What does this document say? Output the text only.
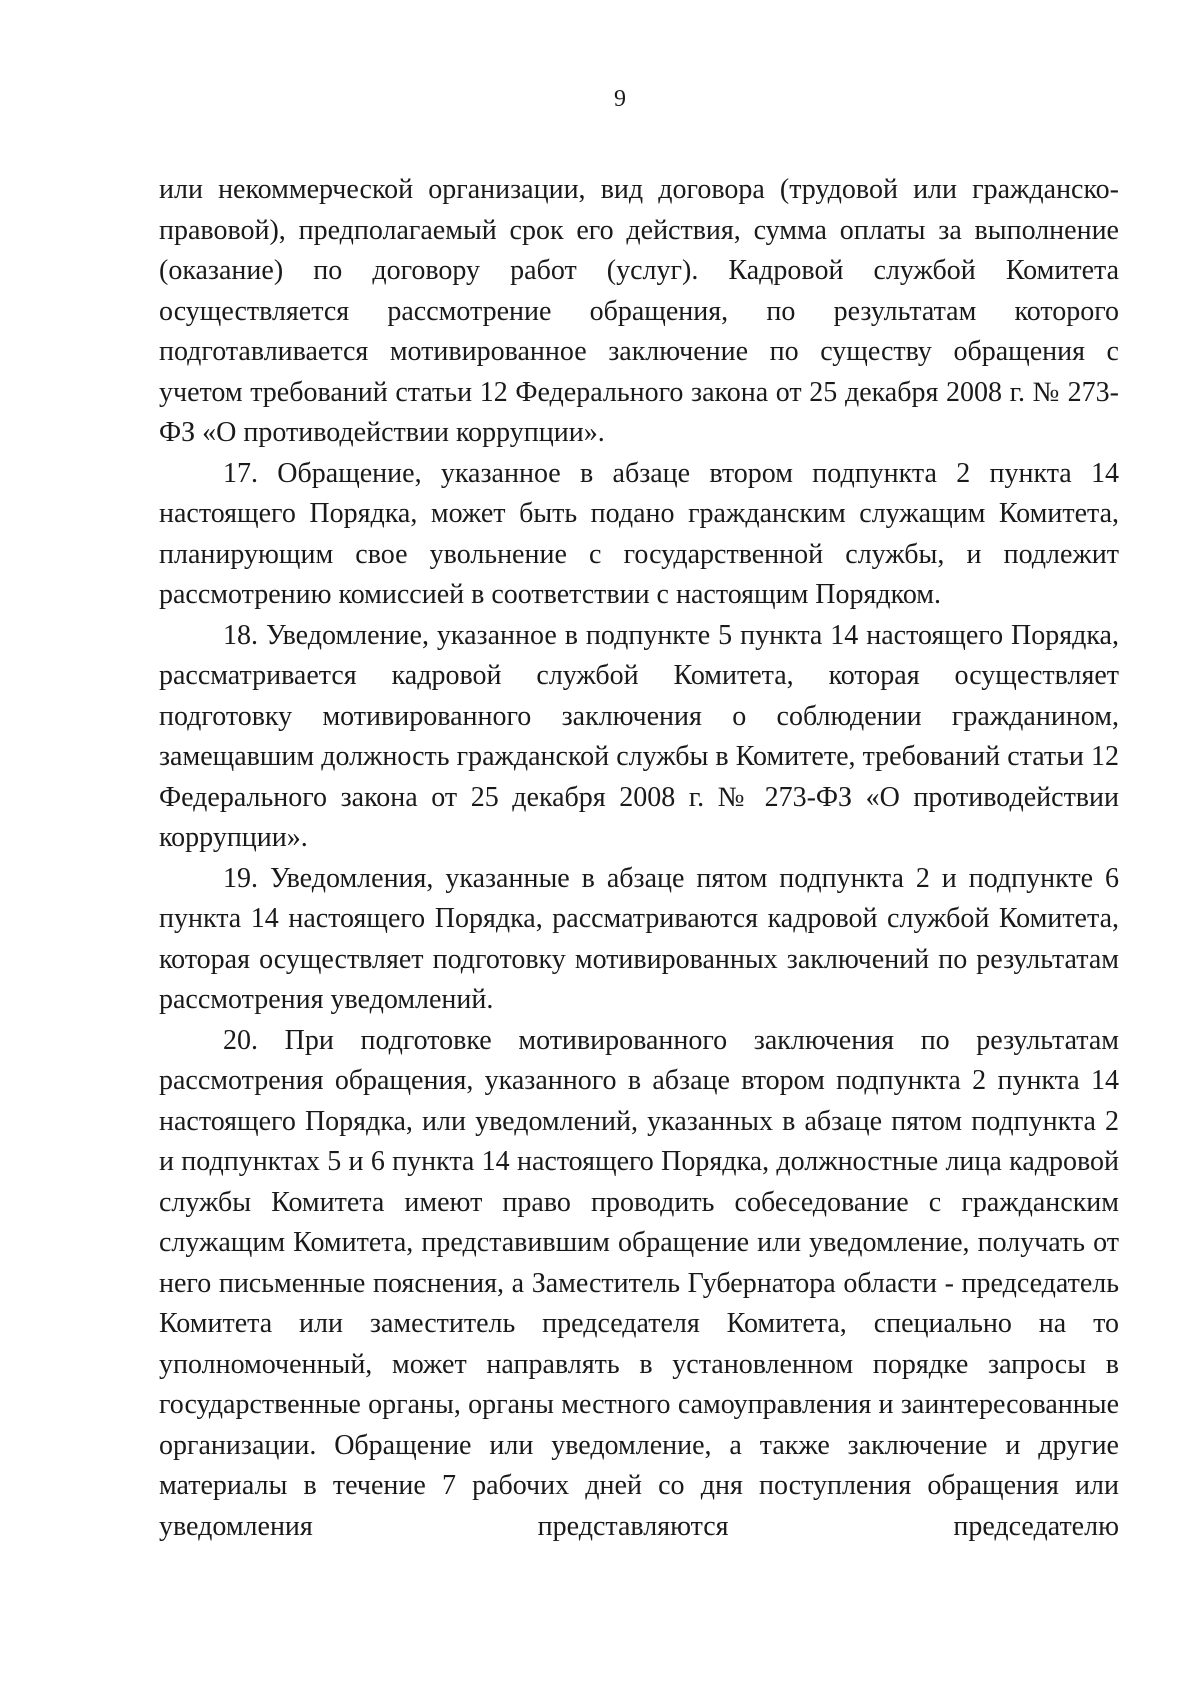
9

или некоммерческой организации, вид договора (трудовой или гражданско-правовой), предполагаемый срок его действия, сумма оплаты за выполнение (оказание) по договору работ (услуг). Кадровой службой Комитета осуществляется рассмотрение обращения, по результатам которого подготавливается мотивированное заключение по существу обращения с учетом требований статьи 12 Федерального закона от 25 декабря 2008 г. № 273-ФЗ «О противодействии коррупции».

17. Обращение, указанное в абзаце втором подпункта 2 пункта 14 настоящего Порядка, может быть подано гражданским служащим Комитета, планирующим свое увольнение с государственной службы, и подлежит рассмотрению комиссией в соответствии с настоящим Порядком.

18. Уведомление, указанное в подпункте 5 пункта 14 настоящего Порядка, рассматривается кадровой службой Комитета, которая осуществляет подготовку мотивированного заключения о соблюдении гражданином, замещавшим должность гражданской службы в Комитете, требований статьи 12 Федерального закона от 25 декабря 2008 г. № 273-ФЗ «О противодействии коррупции».

19. Уведомления, указанные в абзаце пятом подпункта 2 и подпункте 6 пункта 14 настоящего Порядка, рассматриваются кадровой службой Комитета, которая осуществляет подготовку мотивированных заключений по результатам рассмотрения уведомлений.

20. При подготовке мотивированного заключения по результатам рассмотрения обращения, указанного в абзаце втором подпункта 2 пункта 14 настоящего Порядка, или уведомлений, указанных в абзаце пятом подпункта 2 и подпунктах 5 и 6 пункта 14 настоящего Порядка, должностные лица кадровой службы Комитета имеют право проводить собеседование с гражданским служащим Комитета, представившим обращение или уведомление, получать от него письменные пояснения, а Заместитель Губернатора области - председатель Комитета или заместитель председателя Комитета, специально на то уполномоченный, может направлять в установленном порядке запросы в государственные органы, органы местного самоуправления и заинтересованные организации. Обращение или уведомление, а также заключение и другие материалы в течение 7 рабочих дней со дня поступления обращения или уведомления представляются председателю
